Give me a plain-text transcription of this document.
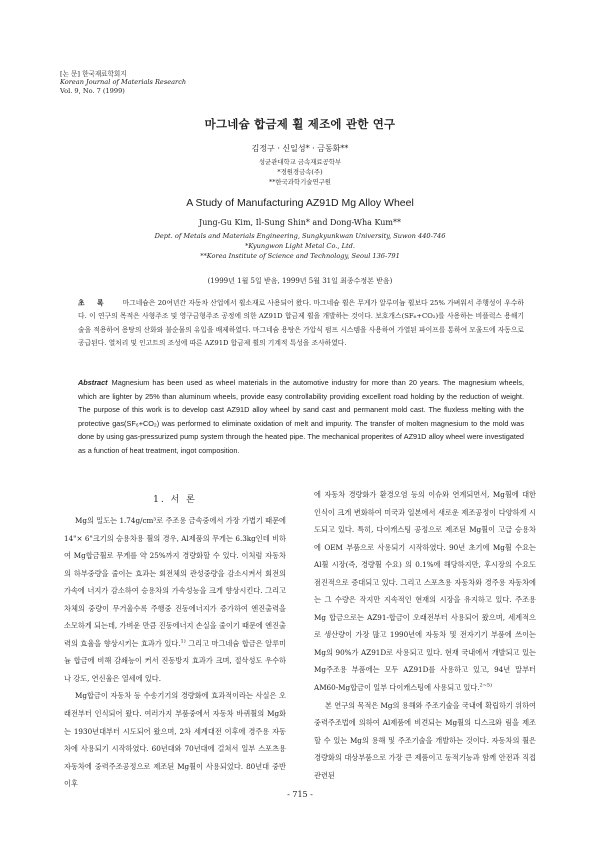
[논 문] 한국재료학회지
Korean Journal of Materials Research
Vol. 9, No. 7 (1999)
마그네슘 합금제 휠 제조에 관한 연구
김정구 · 신일성* · 금동화**
성균관대학교 금속재료공학부
*경원경금속(주)
**한국과학기술연구원
A Study of Manufacturing AZ91D Mg Alloy Wheel
Jung-Gu Kim, Il-Sung Shin* and Dong-Wha Kum**
Dept. of Metals and Materials Engineering, Sungkyunkwan University, Suwon 440-746
*Kyungwon Light Metal Co., Ltd.
**Korea Institute of Science and Technology, Seoul 136-791
(1999년 1월 5일 받음, 1999년 5월 31일 최종수정본 받음)
초 록 마그네슘은 20여년간 자동차 산업에서 휠소재로 사용되어 왔다. 마그네슘 휠은 무게가 알루미늄 휠보다 25% 가벼워서 주행성이 우수하다. 이 연구의 목적은 사형주조 및 영구금형주조 공정에 의한 AZ91D 합금제 휠을 개발하는 것이다. 보호개스(SF₆+CO₂)를 사용하는 비플럭스 용해기술을 적용하여 용탕의 산화와 불순물의 유입을 배제하였다. 마그네슘 용탕은 가압식 펌프 시스템을 사용하여 가열된 파이프를 통하여 모울드에 자동으로 공급된다. 열처리 및 인고트의 조성에 따른 AZ91D 합금제 휠의 기계적 특성을 조사하였다.
Abstract Magnesium has been used as wheel materials in the automotive industry for more than 20 years. The magnesium wheels, which are lighter by 25% than aluminum wheels, provide easy controllability providing excellent road holding by the reduction of weight. The purpose of this work is to develop cast AZ91D alloy wheel by sand cast and permanent mold cast. The fluxless melting with the protective gas(SF₆+CO₂) was performed to eliminate oxidation of melt and impurity. The transfer of molten magnesium to the mold was done by using gas-pressurized pump system through the heated pipe. The mechanical properites of AZ91D alloy wheel were investigated as a function of heat treatment, ingot composition.
1. 서 론

Mg의 밀도는 1.74g/cm³로 주조용 금속중에서 가장 가볍기 때문에 14"× 6"크기의 승용차용 휠의 경우, Al제품의 무게는 6.3kg인데 비하여 Mg합금휠로 무게를 약 25%까지 경량화할 수 있다. 이처럼 자동차의 하부중량을 줄이는 효과는 회전체의 관성중량을 감소시켜서 회전의 가속에 너지가 감소하여 승용차의 가속성능을 크게 향상시킨다. 그리고 차체의 중량이 무거울수록 주행중 진동에너지가 증가하여 엔진출력을 소모하게 되는데, 가벼운 만큼 진동에너지 손실을 줄이기 때문에 엔진출력의 효율을 향상시키는 효과가 있다.$^{1)}$ 그리고 마그네슘 합금은 알루미늄 합금에 비해 감쇄능이 커서 진동방지 효과가 크며, 절삭성도 우수하나 강도, 연신율은 열세에 있다.

Mg합금이 자동차 등 수송기기의 경량화에 효과적이라는 사실은 오래전부터 인식되어 왔다. 여러가지 부품중에서 자동차 바퀴휠의 Mg화는 1930년대부터 시도되어 왔으며, 2차 세계대전 이후에 경주용 자동차에 사용되기 시작하였다. 60년대와 70년대에 걸쳐서 일부 스포츠용 자동차에 중력주조공정으로 제조된 Mg휠이 사용되었다. 80년대 중반 이후

에 자동차 경량화가 환경오염 등의 이슈와 연계되면서, Mg휠에 대한 인식이 크게 변화하여 미국과 일본에서 새로운 제조공정이 다양하게 시도되고 있다. 특히, 다이캐스팅 공정으로 제조된 Mg휠이 고급 승용차에 OEM 부품으로 사용되기 시작하였다. 90년 초기에 Mg휠 수요는 Al휠 시장(즉, 경량휠 수요) 의 0.1%에 해당하지만, 후시장의 수요도 점진적으로 증대되고 있다. 그리고 스포츠용 자동차와 경주용 자동차에는 그 수량은 작지만 지속적인 현재의 시장을 유지하고 있다. 주조용 Mg 합금으로는 AZ91-합금이 오래전부터 사용되어 왔으며, 세계적으로 생산량이 가장 많고 1990년에 자동차 및 전자기기 부품에 쓰이는 Mg의 90%가 AZ91D로 사용되고 있다. 현재 국내에서 개발되고 있는 Mg주조용 부품에는 모두 AZ91D를 사용하고 있고, 94년 말부터 AM60-Mg합금이 일부 다이캐스팅에 사용되고 있다.$^{2\sim 5)}$

본 연구의 목적은 Mg의 용해와 주조기술을 국내에 확립하기 위하여 중력주조법에 의하여 Al제품에 비견되는 Mg휠의 디스크와 림을 제조할 수 있는 Mg의 용해 및 주조기술을 개발하는 것이다. 자동차의 휠은 경량화의 대상부품으로 가장 큰 제품이고 동적기능과 함께 안전과 직접 관련된

- 715 -
